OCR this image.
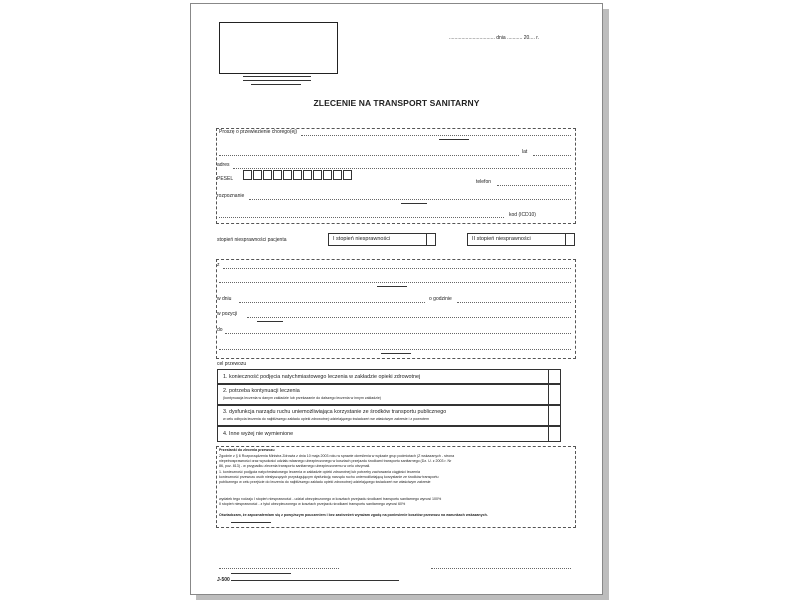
................................. dnia ........... 20.... r.
ZLECENIE NA TRANSPORT SANITARNY
Proszę o przewiezienie chorego(ej)
lat
adres
PESEL	telefon
rozpoznanie
kod (ICD10)
stopień niesprawności pacjenta	I stopień niesprawności	II stopień niesprawności
z
w dniu	o godzinie
w pozycji
do
cel przewozu
1. konieczność podjęcia natychmiastowego leczenia w zakładzie opieki zdrowotnej
2. potrzeba kontynuacji leczenia
(kontynuacja leczenia w danym zakładzie lub przekazanie do dalszego leczenia w innym zakładzie)
3. dysfunkcja narządu ruchu uniemożliwiająca korzystanie ze środków transportu publicznego
w celu odbycia leczenia do najbliższego zakładu opieki zdrowotnej udzielającego świadczeń we właściwym zakresie i z powrotem
4. Inne wyżej nie wymienione
Przesłanki do zlecenia przewozu
Zgodnie z § 6 Rozporządzenia Ministra Zdrowia z dnia 10 maja 2003 roku w sprawie określenia w wykazie grup podmiotach (Z wskazanych - strona
niepełnosprawności oraz wysokości udziału własnego ubezpieczonego w kosztach przejazdu środkami transportu sanitarnego (Dz. U. z 2003 r. Nr
86, poz. 813) - w przypadku zlecenia transportu sanitarnego ubezpieczonemu w celu otrzymali.
1. konieczność podjęcia natychmiastowego leczenia w zakładzie opieki zdrowotnej lub potrzeby zachowania ciągłości leczenia
konieczność przewozu osób niesłyszących przysługującym dysfunkcję narządu ruchu uniemożliwiającą korzystanie ze środków transportu
publicznego w celu przejście do leczenia do najbliższego zakładu opieki zdrowotnej udzielającego świadczeń we właściwym zakresie
wydatek tego rodzaju I stopień niesprawności - udział ubezpieczonego w kosztach przejazdu środkami transportu sanitarnego wynosi 100%
II stopień niesprawności - z tytuł ubezpieczonego w kosztach przejazdu środkami transportu sanitarnego wynosi 60%
Oświadczam, że zapoznałem/am się z powyższym pouczeniem i bez zastrzeżeń wyrażam zgodę na poniesienie kosztów przewozu na warunkach wskazanych.
J-500
